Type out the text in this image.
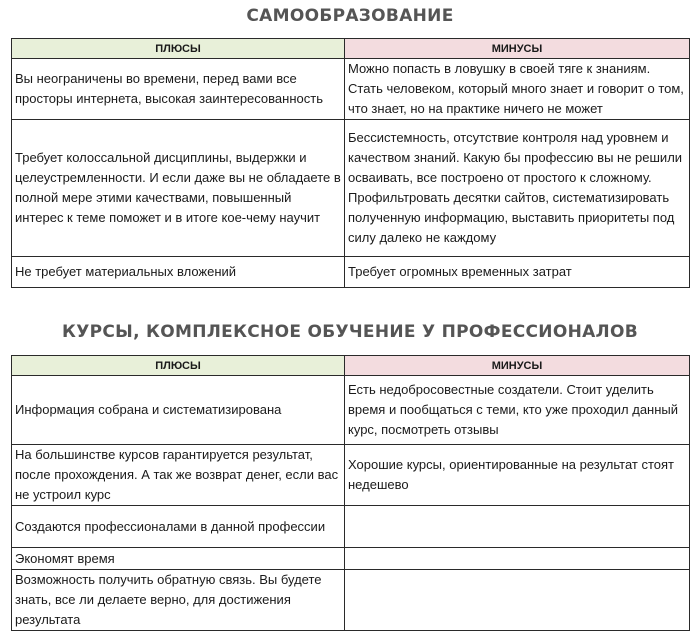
САМООБРАЗОВАНИЕ
ПЛЮСЫ	МИНУСЫ
Вы неограничены во времени, перед вами все просторы интернета, высокая заинтересованность	Можно попасть в ловушку в своей тяге к знаниям. Стать человеком, который много знает и говорит о том, что знает, но на практике ничего не может
Требует колоссальной дисциплины, выдержки и целеустремленности. И если даже вы не обладаете в полной мере этими качествами, повышенный интерес к теме поможет и в итоге кое-чему научит	Бессистемность, отсутствие контроля над уровнем и качеством знаний. Какую бы профессию вы не решили осваивать, все построено от простого к сложному. Профильтровать десятки сайтов, систематизировать полученную информацию, выставить приоритеты под силу далеко не каждому
Не требует материальных вложений	Требует огромных временных затрат
КУРСЫ, КОМПЛЕКСНОЕ ОБУЧЕНИЕ У ПРОФЕССИОНАЛОВ
ПЛЮСЫ	МИНУСЫ
Информация собрана и систематизирована	Есть недобросовестные создатели. Стоит уделить время и пообщаться с теми, кто уже проходил данный курс, посмотреть отзывы
На большинстве курсов гарантируется результат, после прохождения. А так же возврат денег, если вас не устроил курс	Хорошие курсы, ориентированные на результат стоят недешево
Создаются профессионалами в данной профессии	
Экономят время	
Возможность получить обратную связь. Вы будете знать, все ли делаете верно, для достижения результата	
